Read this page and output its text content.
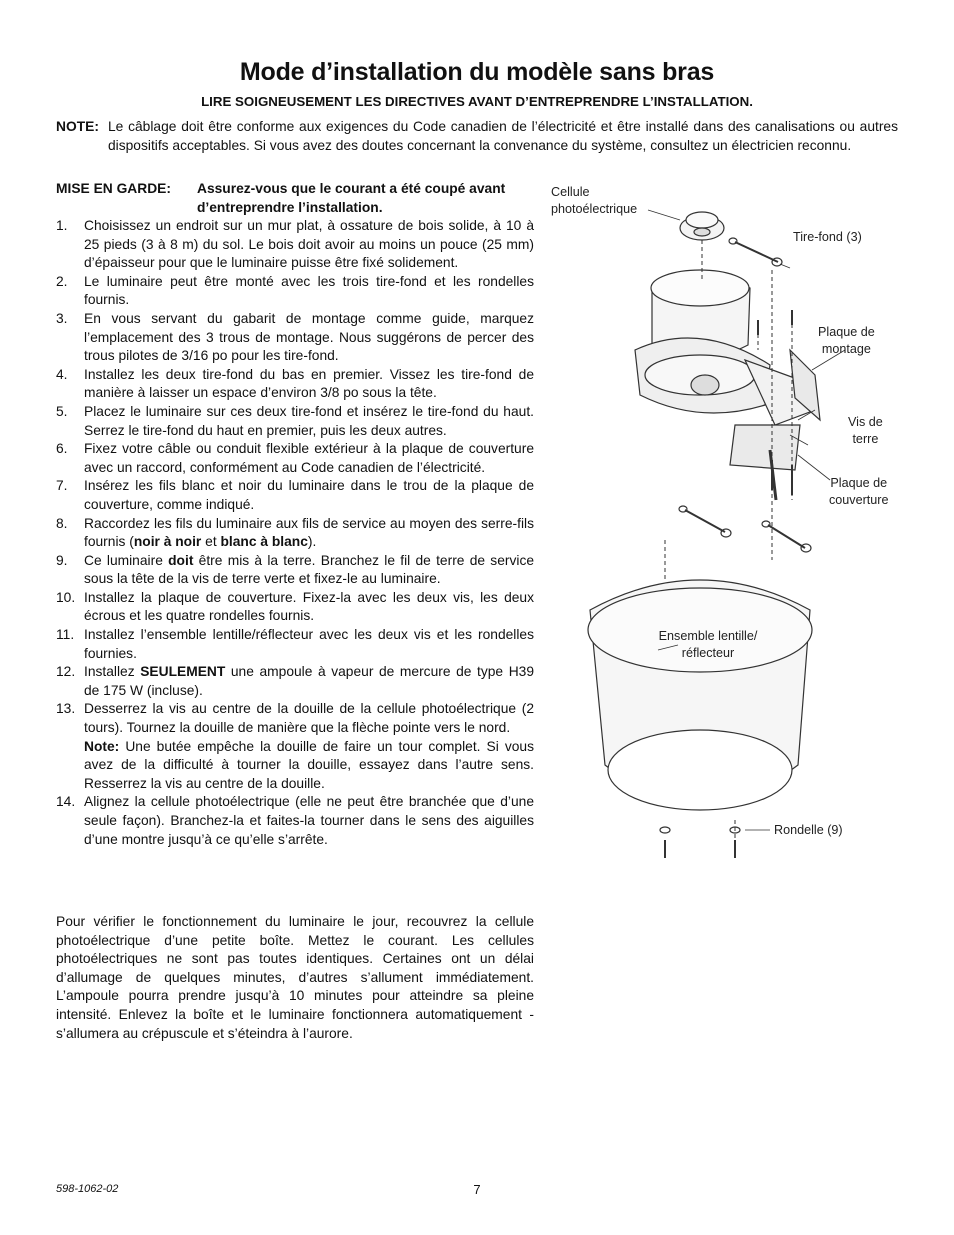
Mode d’installation du modèle sans bras
LIRE SOIGNEUSEMENT LES DIRECTIVES AVANT D’ENTREPRENDRE L’INSTALLATION.
NOTE: Le câblage doit être conforme aux exigences du Code canadien de l’électricité et être installé dans des canalisations ou autres dispositifs acceptables. Si vous avez des doutes concernant la convenance du système, consultez un électricien reconnu.
MISE EN GARDE: Assurez-vous que le courant a été coupé avant d’entreprendre l’installation.
1. Choisissez un endroit sur un mur plat, à ossature de bois solide, à 10 à 25 pieds (3 à 8 m) du sol. Le bois doit avoir au moins un pouce (25 mm) d’épaisseur pour que le luminaire puisse être fixé solidement.
2. Le luminaire peut être monté avec les trois tire-fond et les rondelles fournis.
3. En vous servant du gabarit de montage comme guide, marquez l’emplacement des 3 trous de montage. Nous suggérons de percer des trous pilotes de 3/16 po pour les tire-fond.
4. Installez les deux tire-fond du bas en premier. Vissez les tire-fond de manière à laisser un espace d’environ 3/8 po sous la tête.
5. Placez le luminaire sur ces deux tire-fond et insérez le tire-fond du haut. Serrez le tire-fond du haut en premier, puis les deux autres.
6. Fixez votre câble ou conduit flexible extérieur à la plaque de couverture avec un raccord, conformément au Code canadien de l’électricité.
7. Insérez les fils blanc et noir du luminaire dans le trou de la plaque de couverture, comme indiqué.
8. Raccordez les fils du luminaire aux fils de service au moyen des serre-fils fournis (noir à noir et blanc à blanc).
9. Ce luminaire doit être mis à la terre. Branchez le fil de terre de service sous la tête de la vis de terre verte et fixez-le au luminaire.
10. Installez la plaque de couverture. Fixez-la avec les deux vis, les deux écrous et les quatre rondelles fournis.
11. Installez l’ensemble lentille/réflecteur avec les deux vis et les rondelles fournies.
12. Installez SEULEMENT une ampoule à vapeur de mercure de type H39 de 175 W (incluse).
13. Desserrez la vis au centre de la douille de la cellule photoélectrique (2 tours). Tournez la douille de manière que la flèche pointe vers le nord.
Note: Une butée empêche la douille de faire un tour complet. Si vous avez de la difficulté à tourner la douille, essayez dans l’autre sens. Resserrez la vis au centre de la douille.
14. Alignez la cellule photoélectrique (elle ne peut être branchée que d’une seule façon). Branchez-la et faites-la tourner dans le sens des aiguilles d’une montre jusqu’à ce qu’elle s’arrête.
Pour vérifier le fonctionnement du luminaire le jour, recouvrez la cellule photoélectrique d’une petite boîte. Mettez le courant. Les cellules photoélectriques ne sont pas toutes identiques. Certaines ont un délai d’allumage de quelques minutes, d’autres s’allument immédiatement. L’ampoule pourra prendre jusqu’à 10 minutes pour atteindre sa pleine intensité. Enlevez la boîte et le luminaire fonctionnera automatiquement - s’allumera au crépuscule et s’éteindra à l’aurore.
Cellule
photoélectrique
Tire-fond (3)
Plaque de
montage
Vis de
terre
Plaque de
couverture
Ensemble lentille/
réflecteur
Rondelle (9)
598-1062-02	7
